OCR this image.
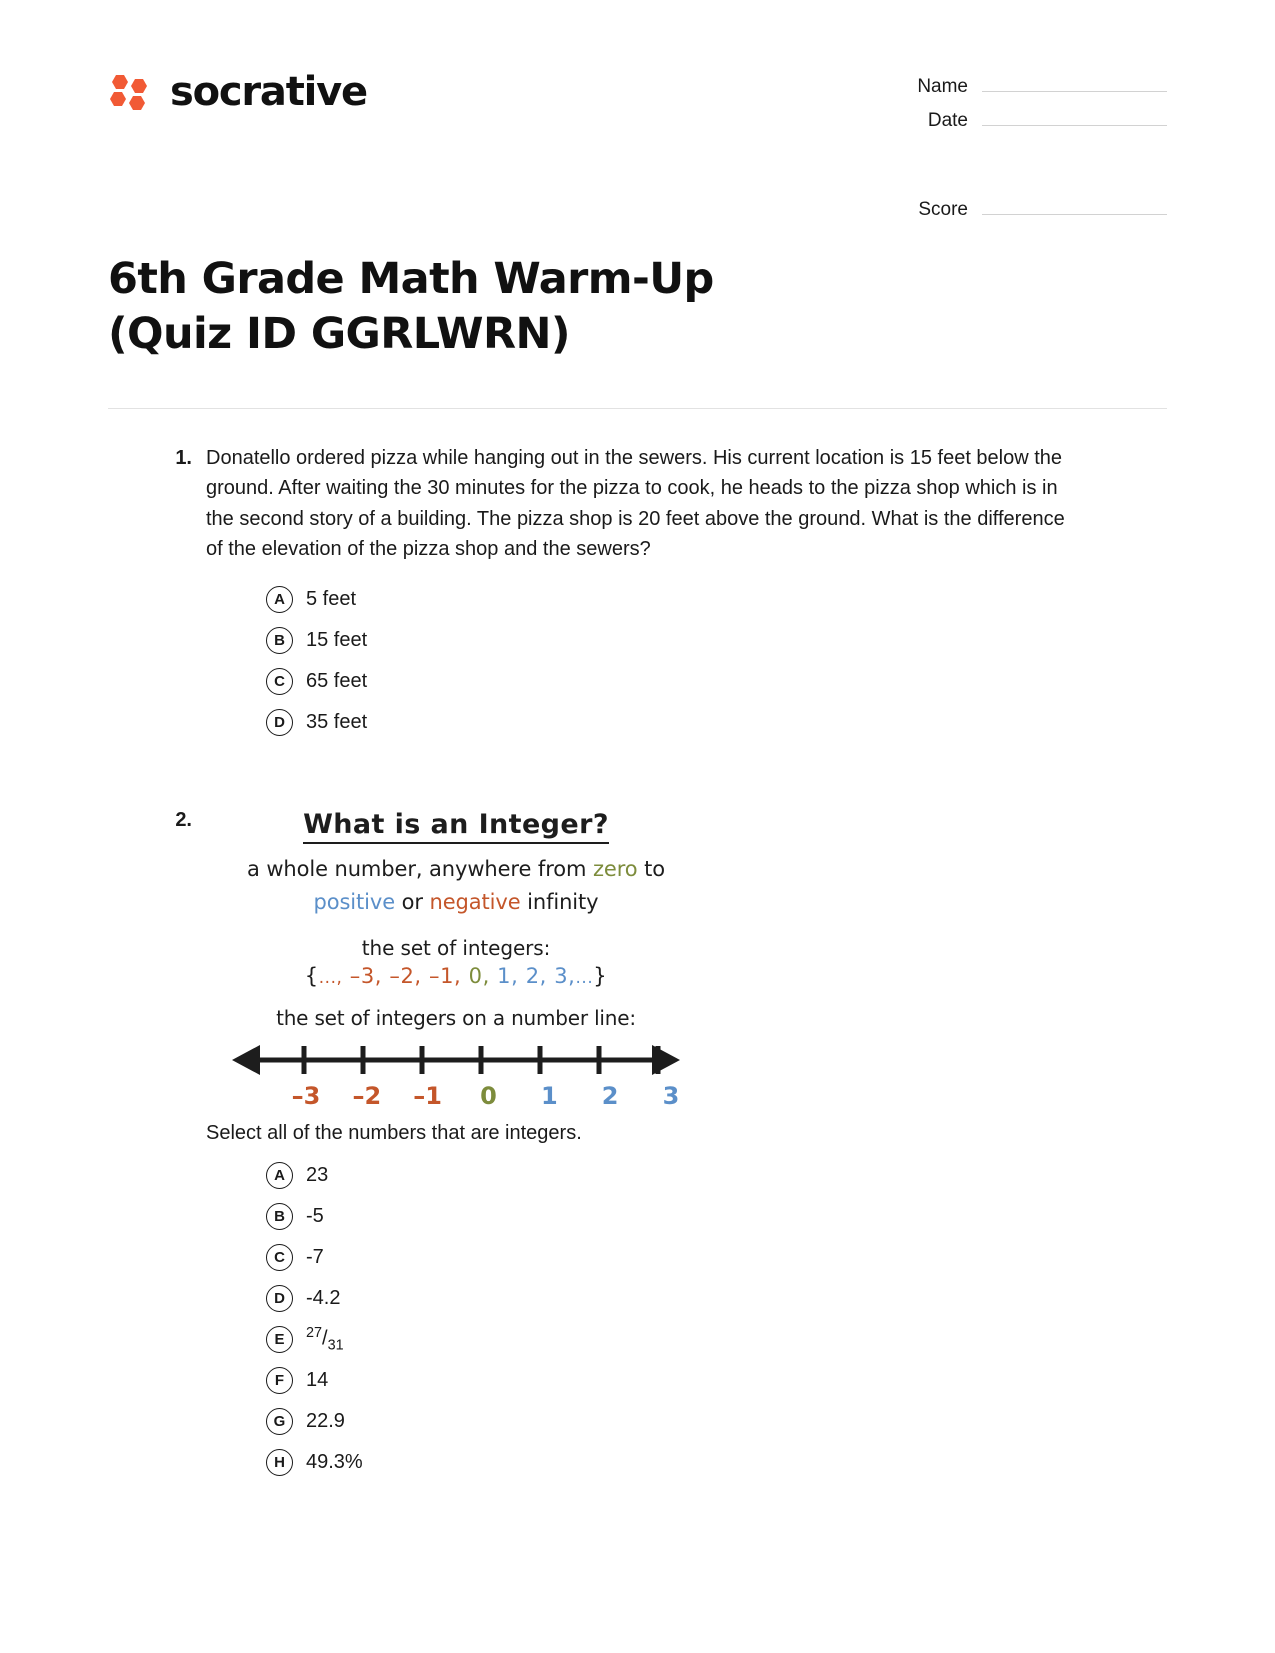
socrative	Name
Date
Score
6th Grade Math Warm-Up (Quiz ID GGRLWRN)
1. Donatello ordered pizza while hanging out in the sewers. His current location is 15 feet below the ground. After waiting the 30 minutes for the pizza to cook, he heads to the pizza shop which is in the second story of a building. The pizza shop is 20 feet above the ground. What is the difference of the elevation of the pizza shop and the sewers?
A	5 feet
B	15 feet
C	65 feet
D	35 feet
2.	What is an Integer?
a whole number, anywhere from zero to
positive or negative infinity
the set of integers:
{..., –3, –2, –1, 0, 1, 2, 3,...}
the set of integers on a number line:
–3	–2	–1	0	1	2	3
Select all of the numbers that are integers.
A	23
B	-5
C	-7
D	-4.2
E	$^{27}/_{31}$
F	14
G	22.9
H	49.3%
